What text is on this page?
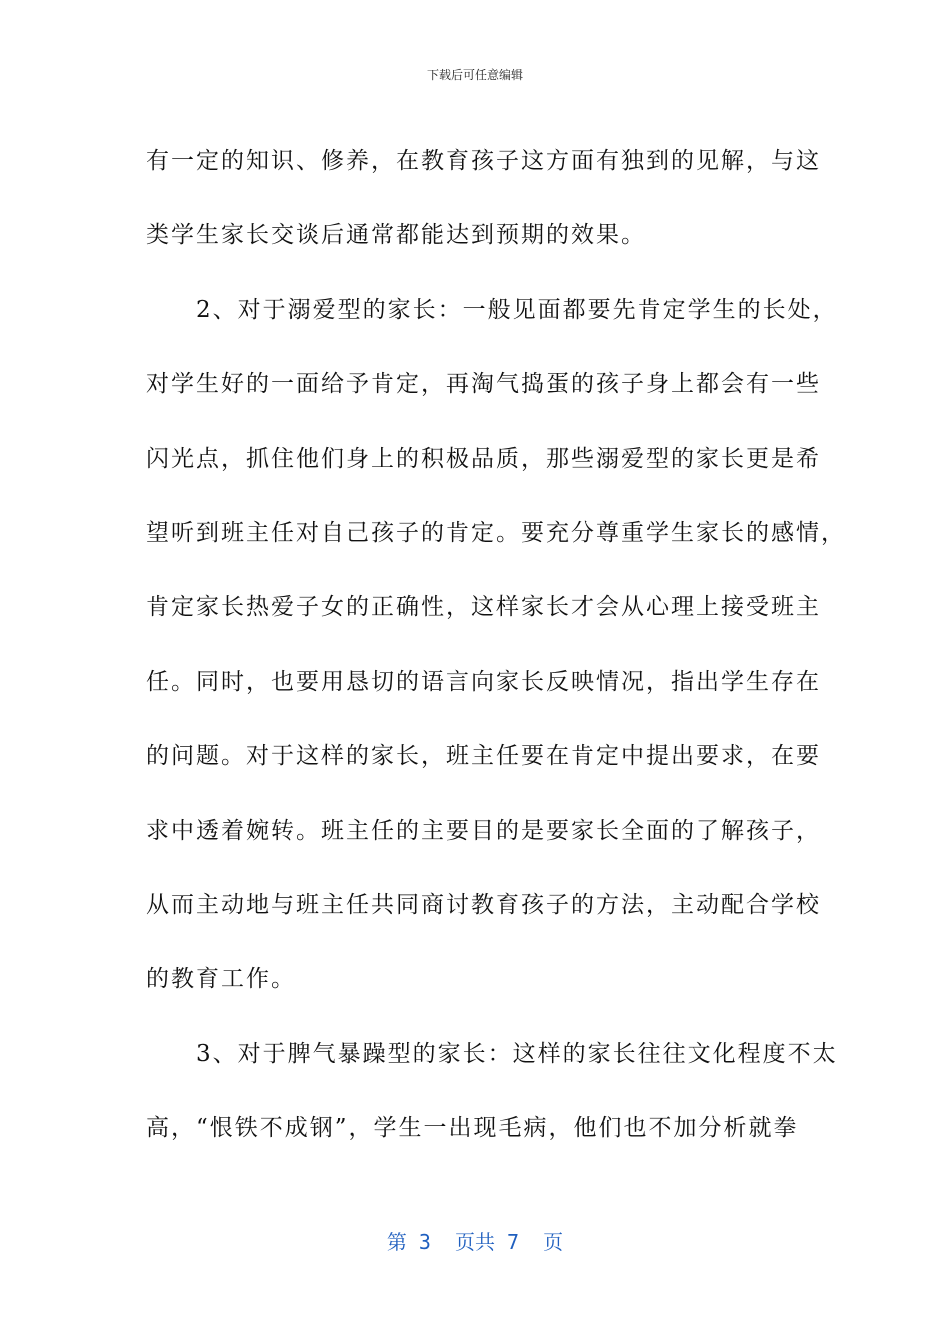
下载后可任意编辑
有一定的知识、修养，在教育孩子这方面有独到的见解，与这
类学生家长交谈后通常都能达到预期的效果。
　　2、对于溺爱型的家长：一般见面都要先肯定学生的长处，
对学生好的一面给予肯定，再淘气捣蛋的孩子身上都会有一些
闪光点，抓住他们身上的积极品质，那些溺爱型的家长更是希
望听到班主任对自己孩子的肯定。要充分尊重学生家长的感情，
肯定家长热爱子女的正确性，这样家长才会从心理上接受班主
任。同时，也要用恳切的语言向家长反映情况，指出学生存在
的问题。对于这样的家长，班主任要在肯定中提出要求，在要
求中透着婉转。班主任的主要目的是要家长全面的了解孩子，
从而主动地与班主任共同商讨教育孩子的方法，主动配合学校
的教育工作。
　　3、对于脾气暴躁型的家长：这样的家长往往文化程度不太
高，“恨铁不成钢”，学生一出现毛病，他们也不加分析就拳
第 3  页共 7  页
